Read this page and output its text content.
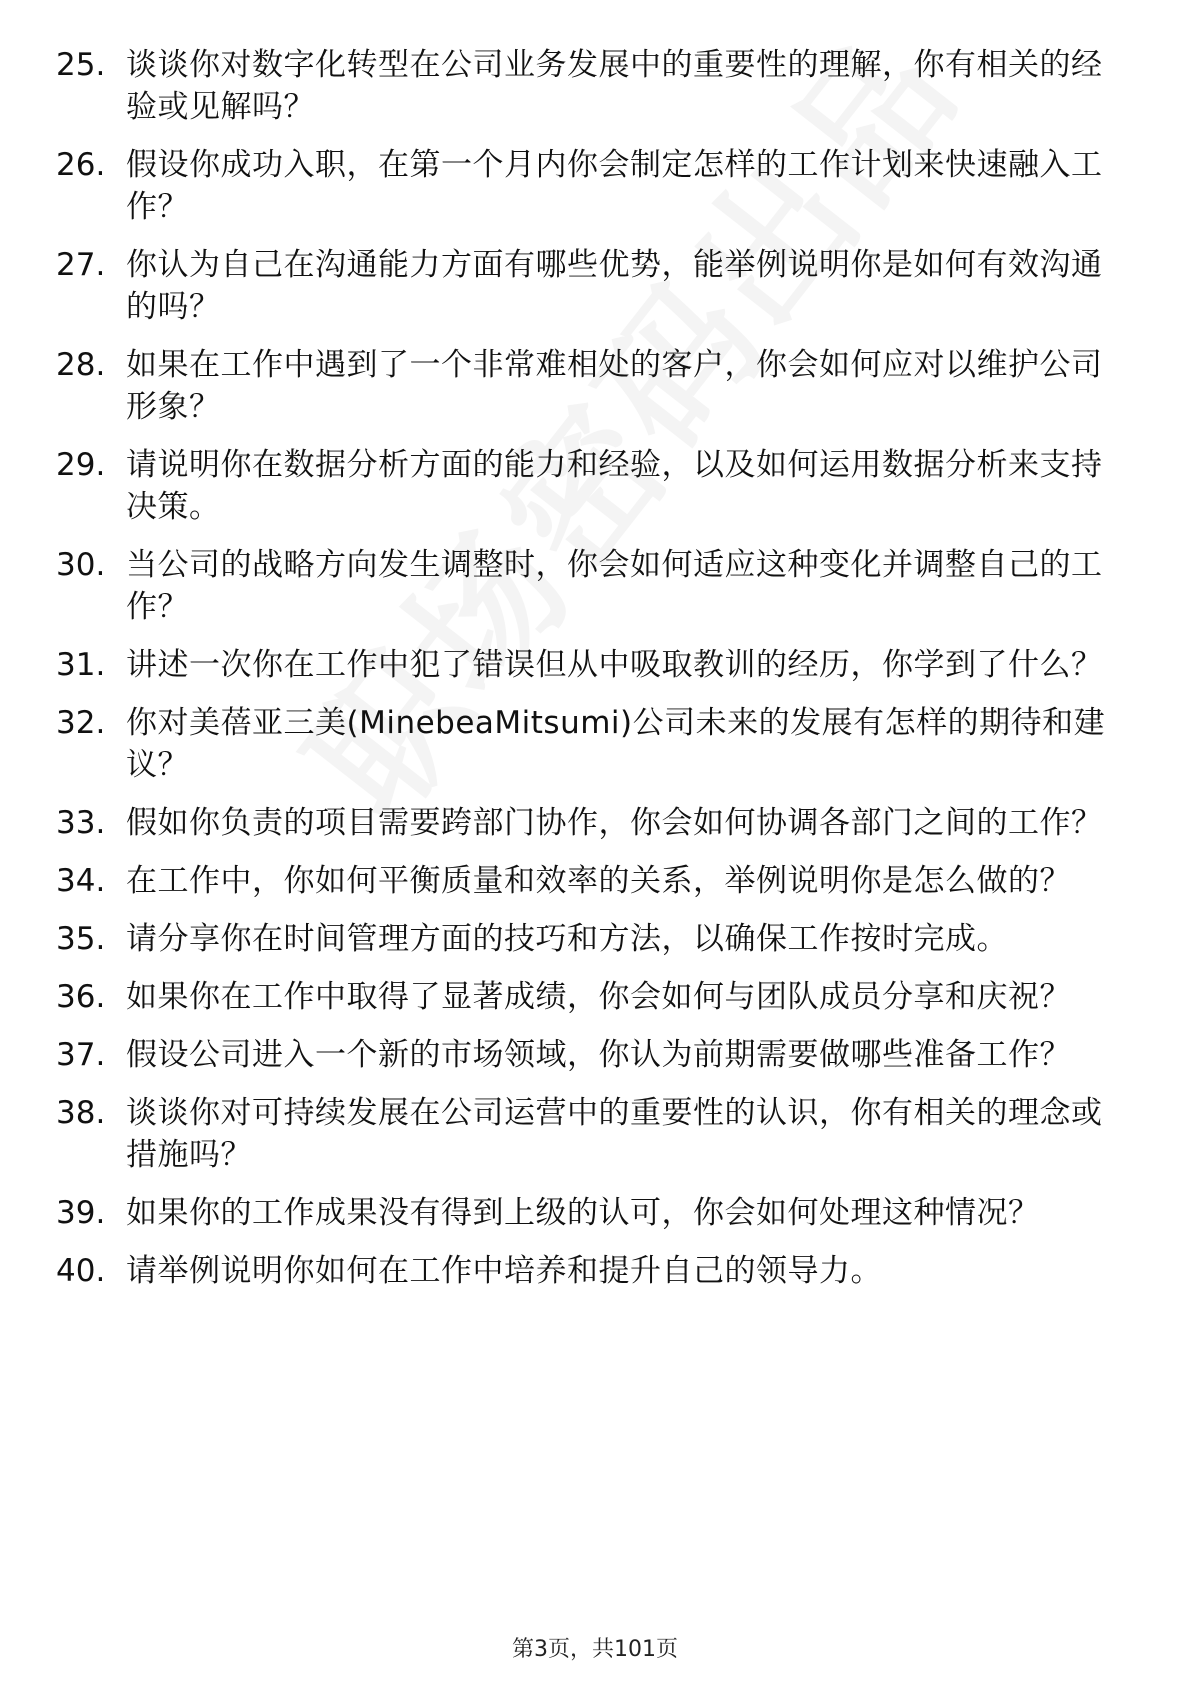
25. 谈谈你对数字化转型在公司业务发展中的重要性的理解，你有相关的经验或见解吗？
26. 假设你成功入职，在第一个月内你会制定怎样的工作计划来快速融入工作？
27. 你认为自己在沟通能力方面有哪些优势，能举例说明你是如何有效沟通的吗？
28. 如果在工作中遇到了一个非常难相处的客户，你会如何应对以维护公司形象？
29. 请说明你在数据分析方面的能力和经验，以及如何运用数据分析来支持决策。
30. 当公司的战略方向发生调整时，你会如何适应这种变化并调整自己的工作？
31. 讲述一次你在工作中犯了错误但从中吸取教训的经历，你学到了什么？
32. 你对美蓓亚三美(MinebeaMitsumi)公司未来的发展有怎样的期待和建议？
33. 假如你负责的项目需要跨部门协作，你会如何协调各部门之间的工作？
34. 在工作中，你如何平衡质量和效率的关系，举例说明你是怎么做的？
35. 请分享你在时间管理方面的技巧和方法，以确保工作按时完成。
36. 如果你在工作中取得了显著成绩，你会如何与团队成员分享和庆祝？
37. 假设公司进入一个新的市场领域，你认为前期需要做哪些准备工作？
38. 谈谈你对可持续发展在公司运营中的重要性的认识，你有相关的理念或措施吗？
39. 如果你的工作成果没有得到上级的认可，你会如何处理这种情况？
40. 请举例说明你如何在工作中培养和提升自己的领导力。
第3页，共101页
